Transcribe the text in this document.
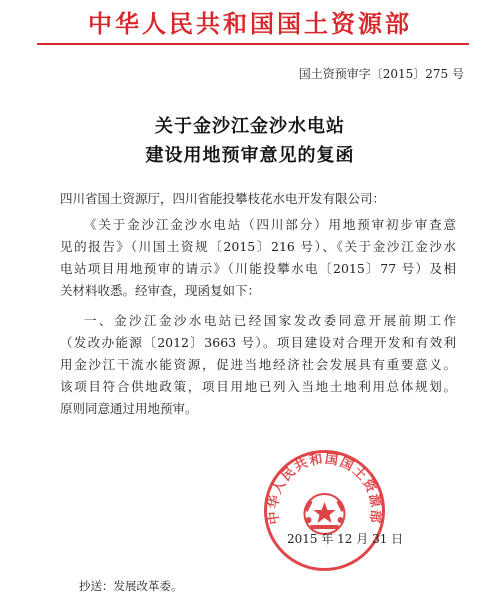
中华人民共和国国土资源部
国土资预审字〔2015〕275 号
关于金沙江金沙水电站
建设用地预审意见的复函
四川省国土资源厅，四川省能投攀枝花水电开发有限公司：
《关于金沙江金沙水电站（四川部分）用地预审初步审查意
见的报告》（川国土资规〔2015〕216 号）、《关于金沙江金沙水
电站项目用地预审的请示》（川能投攀水电〔2015〕77 号）及相
关材料收悉。经审查，现函复如下：
一、金沙江金沙水电站已经国家发改委同意开展前期工作
（发改办能源〔2012〕3663 号）。项目建设对合理开发和有效利
用金沙江干流水能资源，促进当地经济社会发展具有重要意义。
该项目符合供地政策，项目用地已列入当地土地利用总体规划。
原则同意通过用地预审。
中华人民共和国国土资源部
2015 年 12 月 31 日
抄送：发展改革委。
